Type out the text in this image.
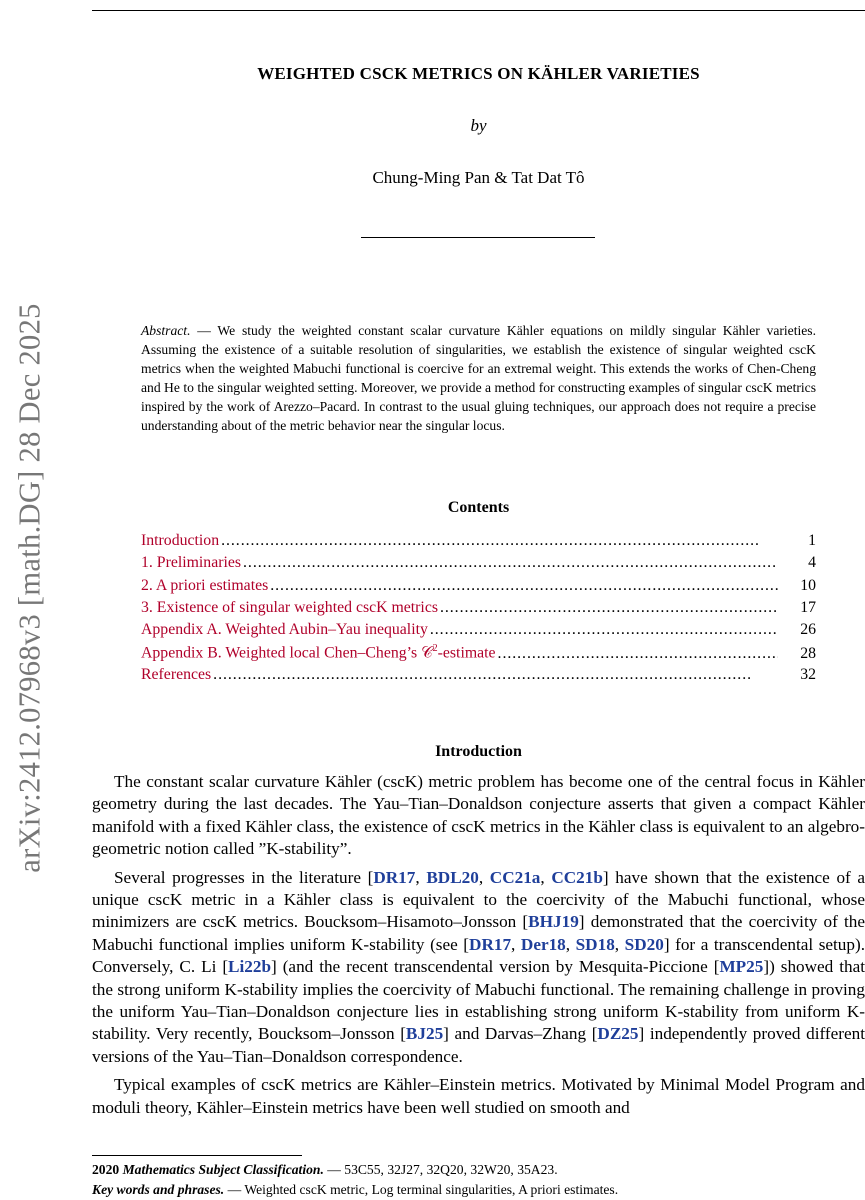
arXiv:2412.07968v3 [math.DG] 28 Dec 2025
WEIGHTED CSCK METRICS ON KÄHLER VARIETIES
by
Chung-Ming Pan & Tat Dat Tô
Abstract. — We study the weighted constant scalar curvature Kähler equations on mildly singular Kähler varieties. Assuming the existence of a suitable resolution of singularities, we establish the existence of singular weighted cscK metrics when the weighted Mabuchi functional is coercive for an extremal weight. This extends the works of Chen-Cheng and He to the singular weighted setting. Moreover, we provide a method for constructing examples of singular cscK metrics inspired by the work of Arezzo–Pacard. In contrast to the usual gluing techniques, our approach does not require a precise understanding about of the metric behavior near the singular locus.
Contents
Introduction . . .	1
1. Preliminaries . . .	4
2. A priori estimates . . .	10
3. Existence of singular weighted cscK metrics . . .	17
Appendix A. Weighted Aubin–Yau inequality . . .	26
Appendix B. Weighted local Chen–Cheng’s 𝒞$^2$-estimate . . .	28
References . . .	32
Introduction

The constant scalar curvature Kähler (cscK) metric problem has become one of the central focus in Kähler geometry during the last decades. The Yau–Tian–Donaldson conjecture asserts that given a compact Kähler manifold with a fixed Kähler class, the existence of cscK metrics in the Kähler class is equivalent to an algebro-geometric notion called ”K-stability”.

Several progresses in the literature [DR17, BDL20, CC21a, CC21b] have shown that the existence of a unique cscK metric in a Kähler class is equivalent to the coercivity of the Mabuchi functional, whose minimizers are cscK metrics. Boucksom–Hisamoto–Jonsson [BHJ19] demonstrated that the coercivity of the Mabuchi functional implies uniform K-stability (see [DR17, Der18, SD18, SD20] for a transcendental setup). Conversely, C. Li [Li22b] (and the recent transcendental version by Mesquita-Piccione [MP25]) showed that the strong uniform K-stability implies the coercivity of Mabuchi functional. The remaining challenge in proving the uniform Yau–Tian–Donaldson conjecture lies in establishing strong uniform K-stability from uniform K-stability. Very recently, Boucksom–Jonsson [BJ25] and Darvas–Zhang [DZ25] independently proved different versions of the Yau–Tian–Donaldson correspondence.

Typical examples of cscK metrics are Kähler–Einstein metrics. Motivated by Minimal Model Program and moduli theory, Kähler–Einstein metrics have been well studied on smooth and

2020 Mathematics Subject Classification. — 53C55, 32J27, 32Q20, 32W20, 35A23.
Key words and phrases. — Weighted cscK metric, Log terminal singularities, A priori estimates.
